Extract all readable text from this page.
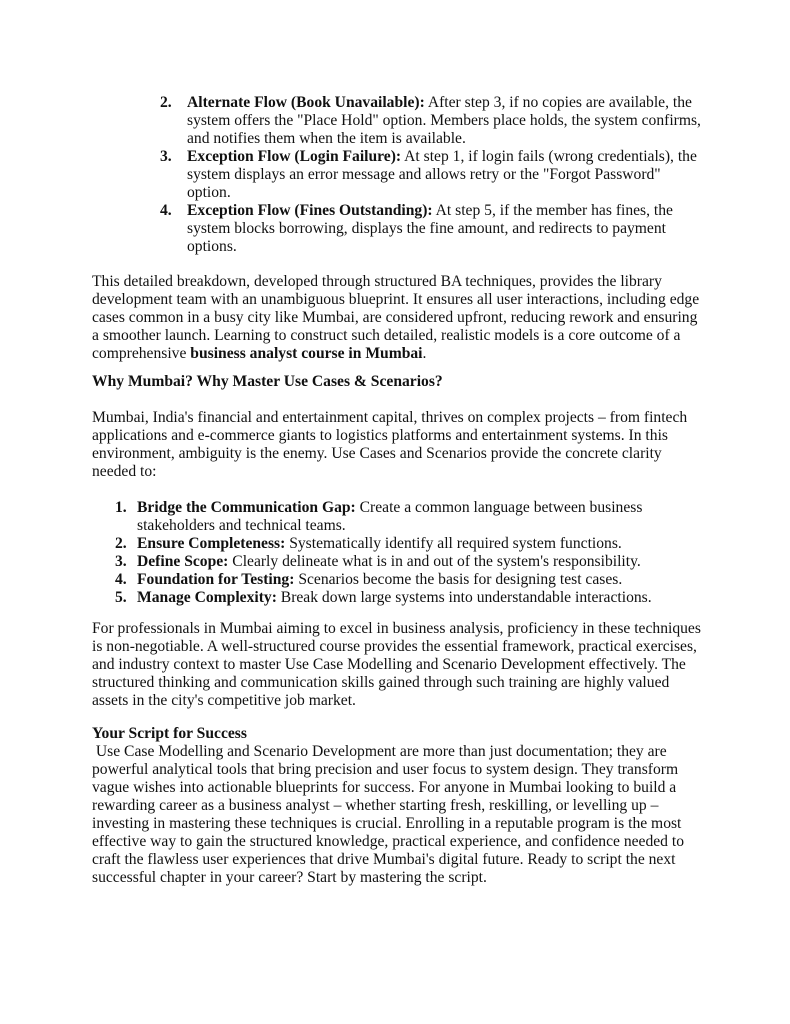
2. Alternate Flow (Book Unavailable): After step 3, if no copies are available, the system offers the "Place Hold" option. Members place holds, the system confirms, and notifies them when the item is available.
3. Exception Flow (Login Failure): At step 1, if login fails (wrong credentials), the system displays an error message and allows retry or the "Forgot Password" option.
4. Exception Flow (Fines Outstanding): At step 5, if the member has fines, the system blocks borrowing, displays the fine amount, and redirects to payment options.

This detailed breakdown, developed through structured BA techniques, provides the library development team with an unambiguous blueprint. It ensures all user interactions, including edge cases common in a busy city like Mumbai, are considered upfront, reducing rework and ensuring a smoother launch. Learning to construct such detailed, realistic models is a core outcome of a comprehensive business analyst course in Mumbai.

Why Mumbai? Why Master Use Cases & Scenarios?

Mumbai, India's financial and entertainment capital, thrives on complex projects – from fintech applications and e-commerce giants to logistics platforms and entertainment systems. In this environment, ambiguity is the enemy. Use Cases and Scenarios provide the concrete clarity needed to:

1. Bridge the Communication Gap: Create a common language between business stakeholders and technical teams.
2. Ensure Completeness: Systematically identify all required system functions.
3. Define Scope: Clearly delineate what is in and out of the system's responsibility.
4. Foundation for Testing: Scenarios become the basis for designing test cases.
5. Manage Complexity: Break down large systems into understandable interactions.

For professionals in Mumbai aiming to excel in business analysis, proficiency in these techniques is non-negotiable. A well-structured course provides the essential framework, practical exercises, and industry context to master Use Case Modelling and Scenario Development effectively. The structured thinking and communication skills gained through such training are highly valued assets in the city's competitive job market.

Your Script for Success

Use Case Modelling and Scenario Development are more than just documentation; they are powerful analytical tools that bring precision and user focus to system design. They transform vague wishes into actionable blueprints for success. For anyone in Mumbai looking to build a rewarding career as a business analyst – whether starting fresh, reskilling, or levelling up – investing in mastering these techniques is crucial. Enrolling in a reputable program is the most effective way to gain the structured knowledge, practical experience, and confidence needed to craft the flawless user experiences that drive Mumbai's digital future. Ready to script the next successful chapter in your career? Start by mastering the script.
